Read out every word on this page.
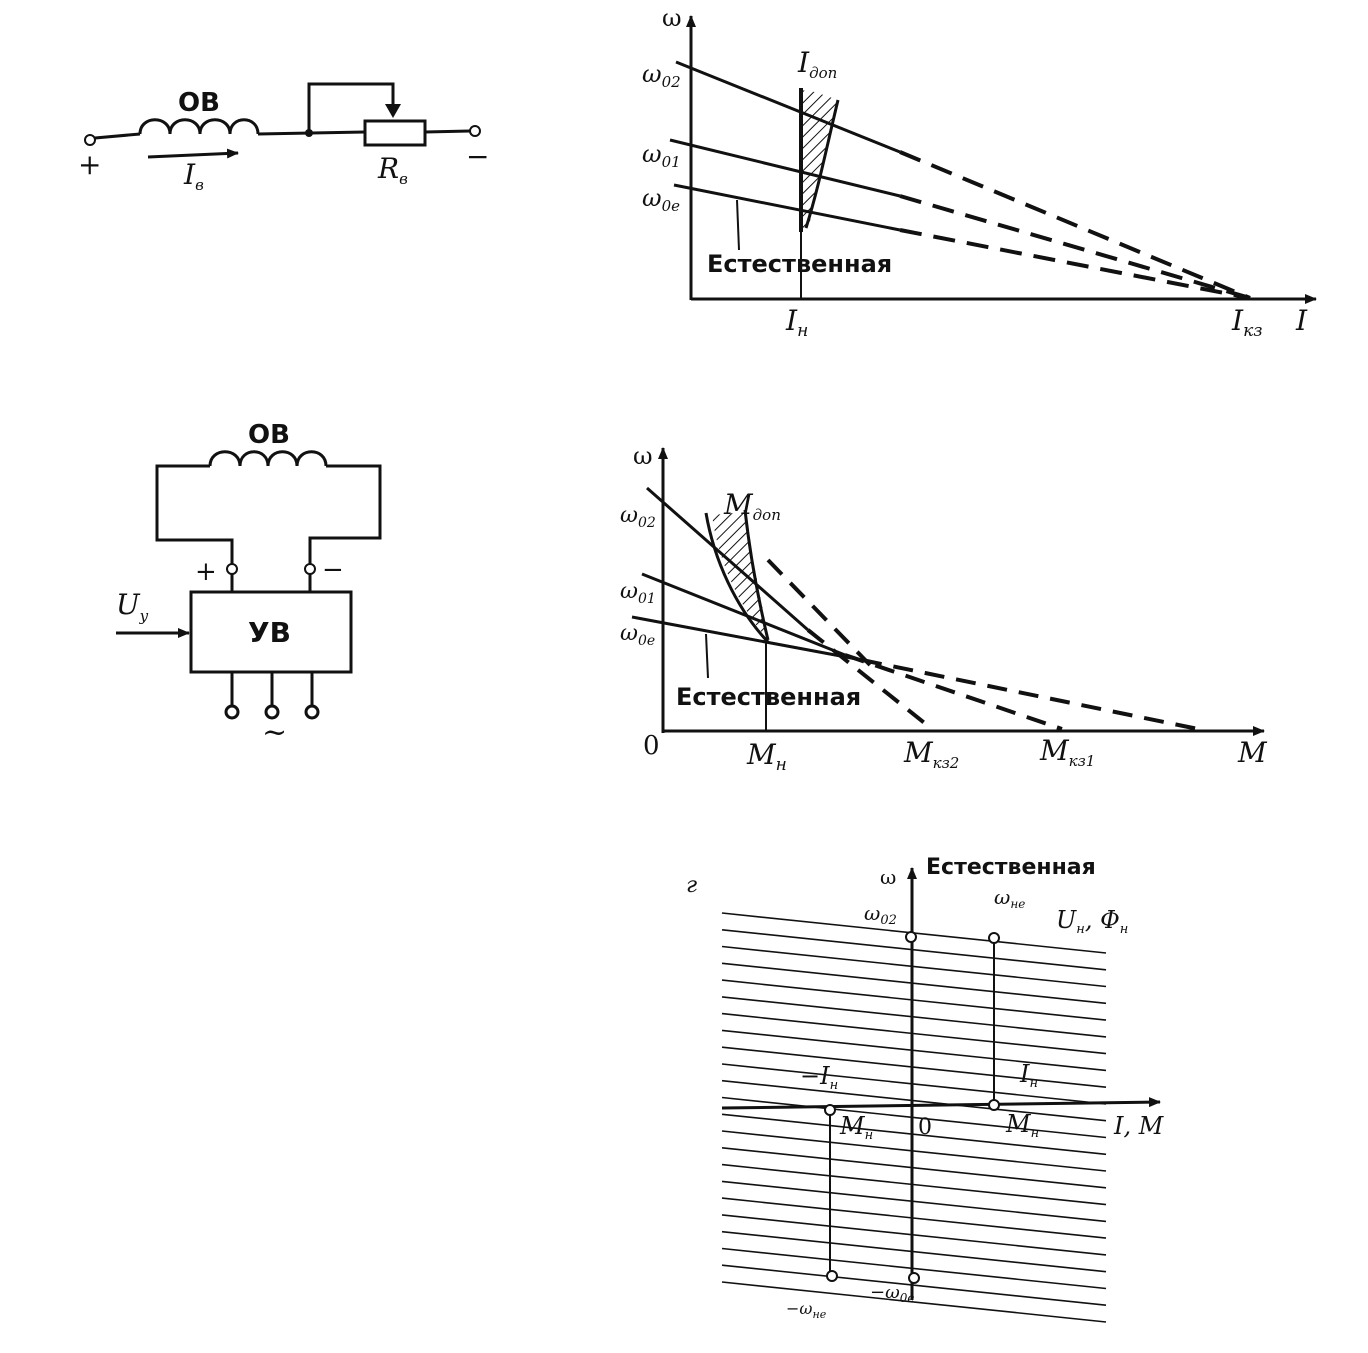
ОВ
+	−
$I_в$	$R_в$
ОВ
+	−
УВ
$U_у$
~
ω
I
$\omega_{02}$
$\omega_{01}$
$\omega_{0е}$
$I_{доп}$
$I_н$	$I_{кз}$
Естественная
ω
M
0
$\omega_{02}$
$\omega_{01}$
$\omega_{0е}$
$M_{доп}$
$M_н$	$M_{кз2}$	$M_{кз1}$
Естественная
г	ω Естественная
$\omega_{02}$
$\omega_{не}$
$U_н$, $\Phi_н$
$I_н$
$-I_н$
$M_н$
$M_н$ 0	I, M
$-\omega_{0е}$
$-\omega_{не}$
